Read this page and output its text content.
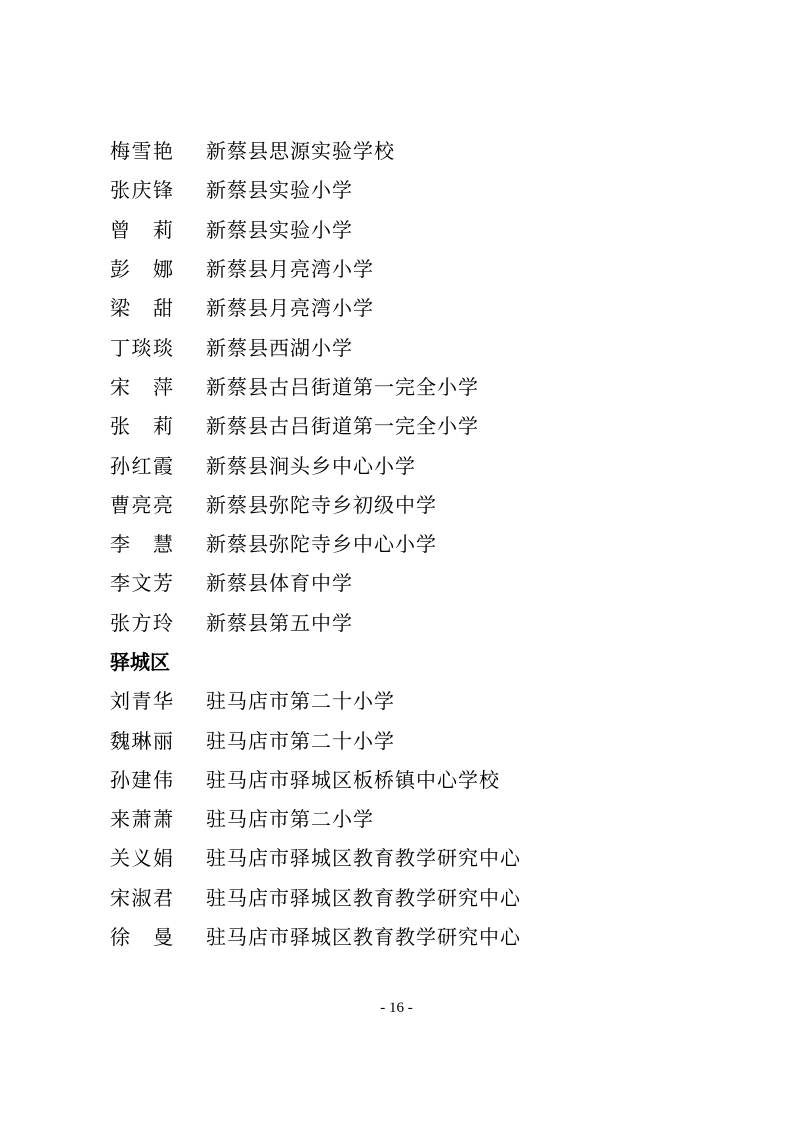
梅雪艳 新蔡县思源实验学校
张庆锋 新蔡县实验小学
曾莉 新蔡县实验小学
彭娜 新蔡县月亮湾小学
梁甜 新蔡县月亮湾小学
丁琰琰 新蔡县西湖小学
宋萍 新蔡县古吕街道第一完全小学
张莉 新蔡县古吕街道第一完全小学
孙红霞 新蔡县涧头乡中心小学
曹亮亮 新蔡县弥陀寺乡初级中学
李慧 新蔡县弥陀寺乡中心小学
李文芳 新蔡县体育中学
张方玲 新蔡县第五中学
驿城区
刘青华 驻马店市第二十小学
魏琳丽 驻马店市第二十小学
孙建伟 驻马店市驿城区板桥镇中心学校
来萧萧 驻马店市第二小学
关义娟 驻马店市驿城区教育教学研究中心
宋淑君 驻马店市驿城区教育教学研究中心
徐曼 驻马店市驿城区教育教学研究中心
- 16 -
